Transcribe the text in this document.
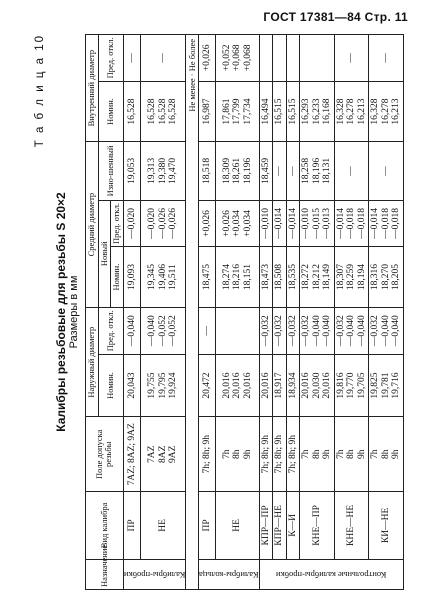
ГОСТ 17381—84 Стр. 11
Т а б л и ц а 10
Калибры резьбовые для резьбы S 20×2 Размеры в мм
Назначение	Вид калибра	Поле допуска резьбы	Наружный диаметр		Средний диаметр			Внутренний диаметр	
			Номин.	Пред. откл.	Новый		Изно-шенный	Номин.	Пред. откл.
					Номин.	Пред. откл.			

Калибры-пробки	ПР	7AZ; 8AZ; 9AZ	20,043	—0,040	19,093	—0,020	19,053	16,528	—

	НЕ	7AZ 8AZ 9AZ	19,755 19,795 19,924	—0,040 —0,052 —0,052	19,345 19,406 19,511	—0,020 —0,026 —0,026	19,313 19,380 19,470	16,528 16,528 16,528	—

Не менее · Не более									

Калибры-кольца	ПР	7h; 8h; 9h	20,472	—	18,475	+0,026	18,518	16,987	+0,026

	НЕ	7h 8h 9h	20,016 20,016 20,016		18,274 18,216 18,151	+0,026 +0,034 +0,034	18,309 18,261 18,196	17,861 17,799 17,734	+0,052 +0,068 +0,068

Контрольные калибры-пробки	КПР—ПР	7h; 8h; 9h	20,016	—0,032	18,473	—0,010	18,459	16,494	

	КПР—НЕ	7h; 8h; 9h	18,917	—0,032	18,508	—0,014	—	16,515	

	К—И	7h; 8h; 9h	18,934	—0,032	18,535	—0,014	—	16,515	

	КНЕ—ПР	7h 8h 9h	20,016 20,030 20,016	—0,032 —0,040 —0,040	18,272 18,212 18,149	—0,010 —0,015 —0,013	18,258 18,196 18,131	16,293 16,233 16,168	

	КНЕ—НЕ	7h 8h 9h	19,816 19,770 19,705	—0,032 —0,040 —0,040	18,307 18,259 18,194	—0,014 —0,018 —0,018	—	16,328 16,278 16,213	—

	КИ—НЕ	7h 8h 9h	19,825 19,781 19,716	—0,032 —0,040 —0,040	18,316 18,270 18,205	—0,014 —0,018 —0,018	—	16,328 16,278 16,213	—
